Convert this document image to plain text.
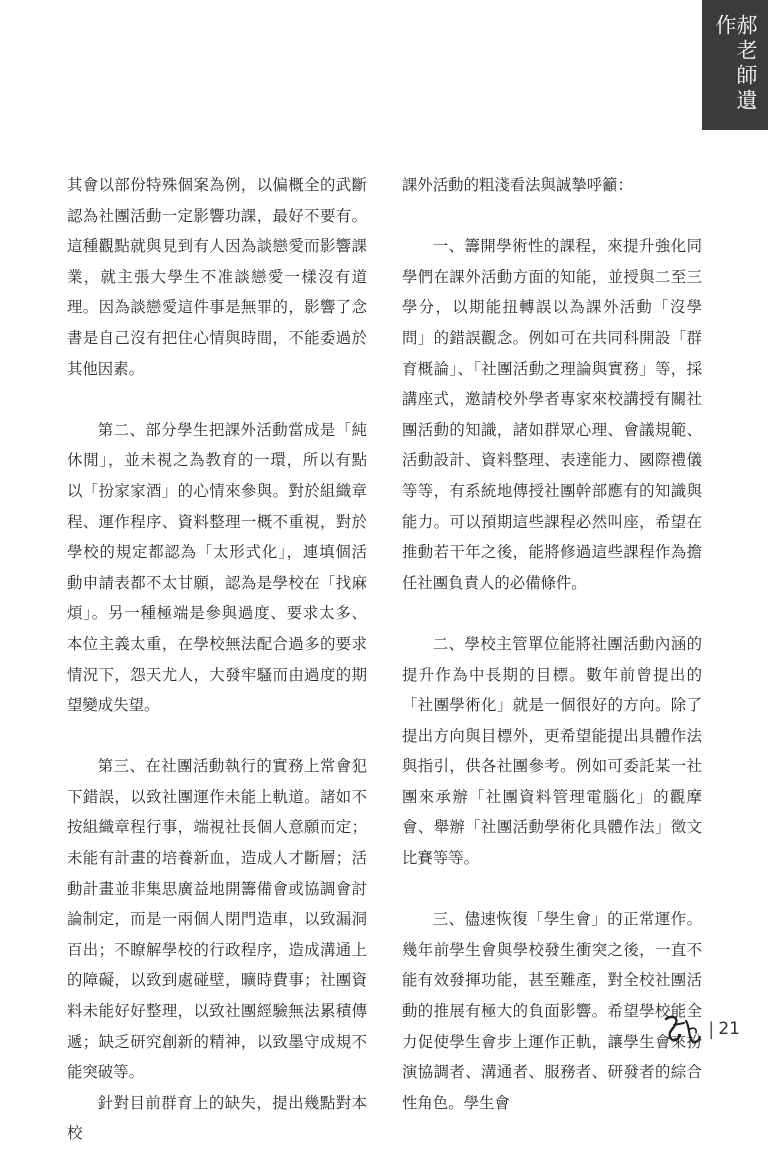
郝老師遺作

其會以部份特殊個案為例，以偏概全的武斷認為社團活動一定影響功課，最好不要有。這種觀點就與見到有人因為談戀愛而影響課業，就主張大學生不准談戀愛一樣沒有道理。因為談戀愛這件事是無罪的，影響了念書是自己沒有把住心情與時間，不能委過於其他因素。

第二、部分學生把課外活動當成是「純休閒」，並未視之為教育的一環，所以有點以「扮家家酒」的心情來參與。對於組織章程、運作程序、資料整理一概不重視，對於學校的規定都認為「太形式化」，連填個活動申請表都不太甘願，認為是學校在「找麻煩」。另一種極端是參與過度、要求太多、本位主義太重，在學校無法配合過多的要求情況下，怨天尤人，大發牢騷而由過度的期望變成失望。

第三、在社團活動執行的實務上常會犯下錯誤，以致社團運作未能上軌道。諸如不按組織章程行事，端視社長個人意願而定；未能有計畫的培養新血，造成人才斷層；活動計畫並非集思廣益地開籌備會或協調會討論制定，而是一兩個人閉門造車，以致漏洞百出；不瞭解學校的行政程序，造成溝通上的障礙，以致到處碰壁，曠時費事；社團資料未能好好整理，以致社團經驗無法累積傳遞；缺乏研究創新的精神，以致墨守成規不能突破等。

針對目前群育上的缺失，提出幾點對本校

課外活動的粗淺看法與誠摯呼籲：

一、籌開學術性的課程，來提升強化同學們在課外活動方面的知能，並授與二至三學分，以期能扭轉誤以為課外活動「沒學問」的錯誤觀念。例如可在共同科開設「群育概論」、「社團活動之理論與實務」等，採講座式，邀請校外學者專家來校講授有關社團活動的知識，諸如群眾心理、會議規範、活動設計、資料整理、表達能力、國際禮儀等等，有系統地傳授社團幹部應有的知識與能力。可以預期這些課程必然叫座，希望在推動若干年之後，能將修過這些課程作為擔任社團負責人的必備條件。

二、學校主管單位能將社團活動內涵的提升作為中長期的目標。數年前曾提出的「社團學術化」就是一個很好的方向。除了提出方向與目標外，更希望能提出具體作法與指引，供各社團參考。例如可委託某一社團來承辦「社團資料管理電腦化」的觀摩會、舉辦「社團活動學術化具體作法」徵文比賽等等。

三、儘速恢復「學生會」的正常運作。幾年前學生會與學校發生衝突之後，一直不能有效發揮功能，甚至難產，對全校社團活動的推展有極大的負面影響。希望學校能全力促使學生會步上運作正軌，讓學生會來扮演協調者、溝通者、服務者、研發者的綜合性角色。學生會

| 21
